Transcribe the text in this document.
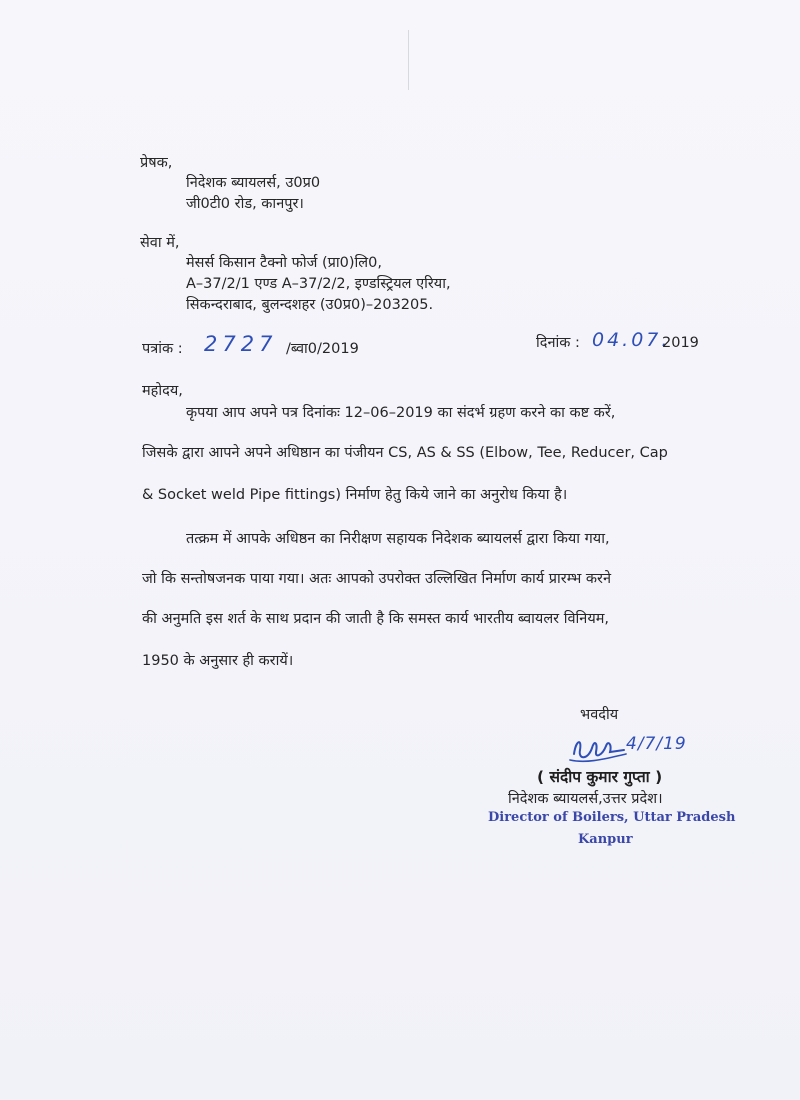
प्रेषक,
निदेशक ब्यायलर्स, उ0प्र0
जी0टी0 रोड, कानपुर।
सेवा में,
मेसर्स किसान टैक्नो फोर्ज (प्रा0)लि0,
A–37/2/1 एण्ड A–37/2/2, इण्डस्ट्रियल एरिया,
सिकन्दराबाद, बुलन्दशहर (उ0प्र0)–203205.
पत्रांक : 2727 /ब्वा0/2019	दिनांक : 04.07.
2019
महोदय,
कृपया आप अपने पत्र दिनांकः 12–06–2019 का संदर्भ ग्रहण करने का कष्ट करें,
जिसके द्वारा आपने अपने अधिष्ठान का पंजीयन CS, AS & SS (Elbow, Tee, Reducer, Cap
& Socket weld Pipe fittings) निर्माण हेतु किये जाने का अनुरोध किया है।
तत्क्रम में आपके अधिष्ठन का निरीक्षण सहायक निदेशक ब्यायलर्स द्वारा किया गया,
जो कि सन्तोषजनक पाया गया। अतः आपको उपरोक्त उल्लिखित निर्माण कार्य प्रारम्भ करने
की अनुमति इस शर्त के साथ प्रदान की जाती है कि समस्त कार्य भारतीय ब्वायलर विनियम,
1950 के अनुसार ही करायें।
भवदीय
4/7/19
( संदीप कुमार गुप्ता )
निदेशक ब्यायलर्स,उत्तर प्रदेश।
Director of Boilers, Uttar Pradesh
Kanpur
